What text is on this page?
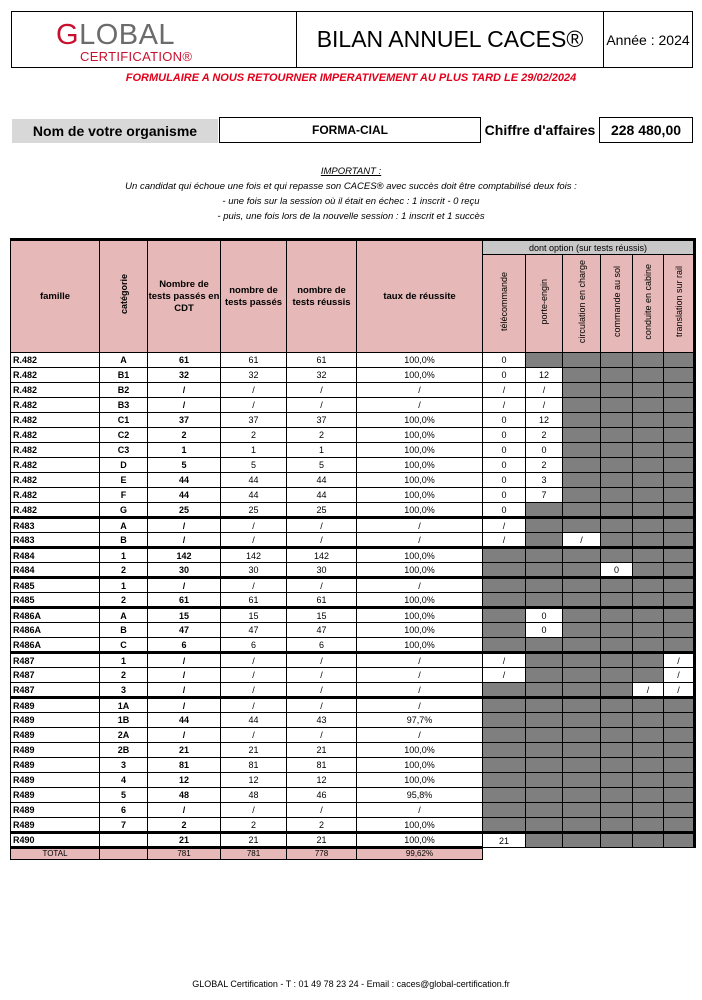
GLOBAL
CERTIFICATION®
BILAN ANNUEL CACES®	Année : 2024
FORMULAIRE A NOUS RETOURNER IMPERATIVEMENT AU PLUS TARD LE 29/02/2024
Nom de votre organisme	FORMA-CIAL	Chiffre d'affaires	228 480,00
IMPORTANT :
Un candidat qui échoue une fois et qui repasse son CACES® avec succès doit être comptabilisé deux fois :
- une fois sur la session où il était en échec : 1 inscrit - 0 reçu
- puis, une fois lors de la nouvelle session : 1 inscrit et 1 succès
famille	catégorie	Nombre de tests passés en CDT	nombre de tests passés	nombre de tests réussis	taux de réussite	dont option (sur tests réussis)					
						télécommande	porte-engin	circulation en charge	commande au sol	conduite en cabine	translation sur rail
R.482	A	61	61	61	100,0%	0					
R.482	B1	32	32	32	100,0%	0	12				
R.482	B2	/	/	/	/	/	/				
R.482	B3	/	/	/	/	/	/				
R.482	C1	37	37	37	100,0%	0	12				
R.482	C2	2	2	2	100,0%	0	2				
R.482	C3	1	1	1	100,0%	0	0				
R.482	D	5	5	5	100,0%	0	2				
R.482	E	44	44	44	100,0%	0	3				
R.482	F	44	44	44	100,0%	0	7				
R.482	G	25	25	25	100,0%	0					
R483	A	/	/	/	/	/					
R483	B	/	/	/	/	/		/			
R484	1	142	142	142	100,0%						
R484	2	30	30	30	100,0%				0		
R485	1	/	/	/	/						
R485	2	61	61	61	100,0%						
R486A	A	15	15	15	100,0%		0				
R486A	B	47	47	47	100,0%		0				
R486A	C	6	6	6	100,0%						
R487	1	/	/	/	/	/					/
R487	2	/	/	/	/	/					/
R487	3	/	/	/	/					/	/
R489	1A	/	/	/	/						
R489	1B	44	44	43	97,7%						
R489	2A	/	/	/	/						
R489	2B	21	21	21	100,0%						
R489	3	81	81	81	100,0%						
R489	4	12	12	12	100,0%						
R489	5	48	48	46	95,8%						
R489	6	/	/	/	/						
R489	7	2	2	2	100,0%						
R490		21	21	21	100,0%	21					
TOTAL		781	781	778	99,62%						
GLOBAL Certification - T : 01 49 78 23 24 - Email : caces@global-certification.fr
